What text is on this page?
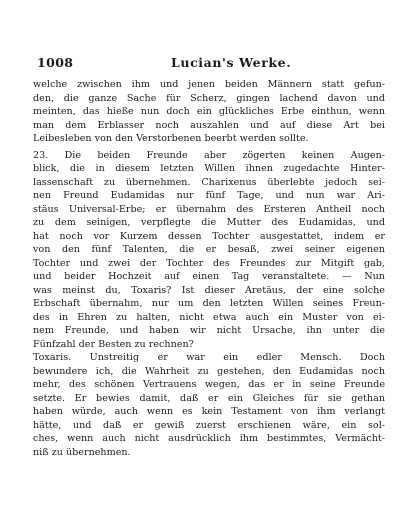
1008	Lucian's Werke.
welche zwischen ihm und jenen beiden Männern statt gefun-
den, die ganze Sache für Scherz, gingen lachend davon und
meinten, das hieße nun doch ein glückliches Erbe einthun, wenn
man dem Erblasser noch auszahlen und auf diese Art bei
Leibesleben von den Verstorbenen beerbt werden sollte.
23. Die beiden Freunde aber zögerten keinen Augen-
blick, die in diesem letzten Willen ihnen zugedachte Hinter-
lassenschaft zu übernehmen. Charixenus überlebte jedoch sei-
nen Freund Eudamidas nur fünf Tage, und nun war Ari-
stäus Universal-Erbe; er übernahm des Ersteren Antheil noch
zu dem seinigen, verpflegte die Mutter des Eudamidas, und
hat noch vor Kurzem dessen Tochter ausgestattet, indem er
von den fünf Talenten, die er besaß, zwei seiner eigenen
Tochter und zwei der Tochter des Freundes zur Mitgift gab,
und beider Hochzeit auf einen Tag veranstaltete. — Nun
was meinst du, Toxaris? Ist dieser Aretäus, der eine solche
Erbschaft übernahm, nur um den letzten Willen seines Freun-
des in Ehren zu halten, nicht etwa auch ein Muster von ei-
nem Freunde, und haben wir nicht Ursache, ihn unter die
Fünfzahl der Besten zu rechnen?
Toxaris. Unstreitig er war ein edler Mensch. Doch
bewundere ich, die Wahrheit zu gestehen, den Eudamidas noch
mehr, des schönen Vertrauens wegen, das er in seine Freunde
setzte. Er bewies damit, daß er ein Gleiches für sie gethan
haben würde, auch wenn es kein Testament von ihm verlangt
hätte, und daß er gewiß zuerst erschienen wäre, ein sol-
ches, wenn auch nicht ausdrücklich ihm bestimmtes, Vermächt-
niß zu übernehmen.
